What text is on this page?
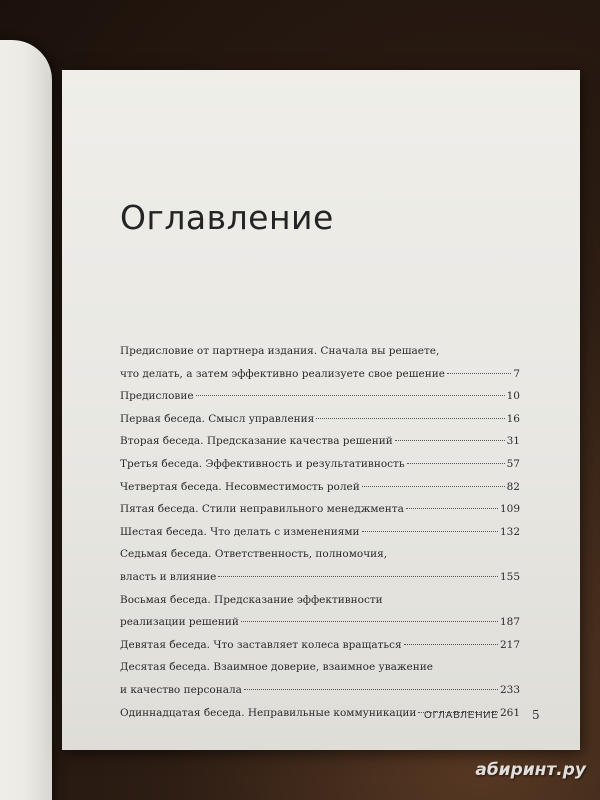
Оглавление
Предисловие от партнера издания. Сначала вы решаете,
что делать, а затем эффективно реализуете свое решение	7
Предисловие	10
Первая беседа. Смысл управления	16
Вторая беседа. Предсказание качества решений	31
Третья беседа. Эффективность и результативность	57
Четвертая беседа. Несовместимость ролей	82
Пятая беседа. Стили неправильного менеджмента	109
Шестая беседа. Что делать с изменениями	132
Седьмая беседа. Ответственность, полномочия,
власть и влияние	155
Восьмая беседа. Предсказание эффективности
реализации решений	187
Девятая беседа. Что заставляет колеса вращаться	217
Десятая беседа. Взаимное доверие, взаимное уважение
и качество персонала	233
Одиннадцатая беседа. Неправильные коммуникации	261
ОГЛАВЛЕНИЕ	5
абиринт.ру
